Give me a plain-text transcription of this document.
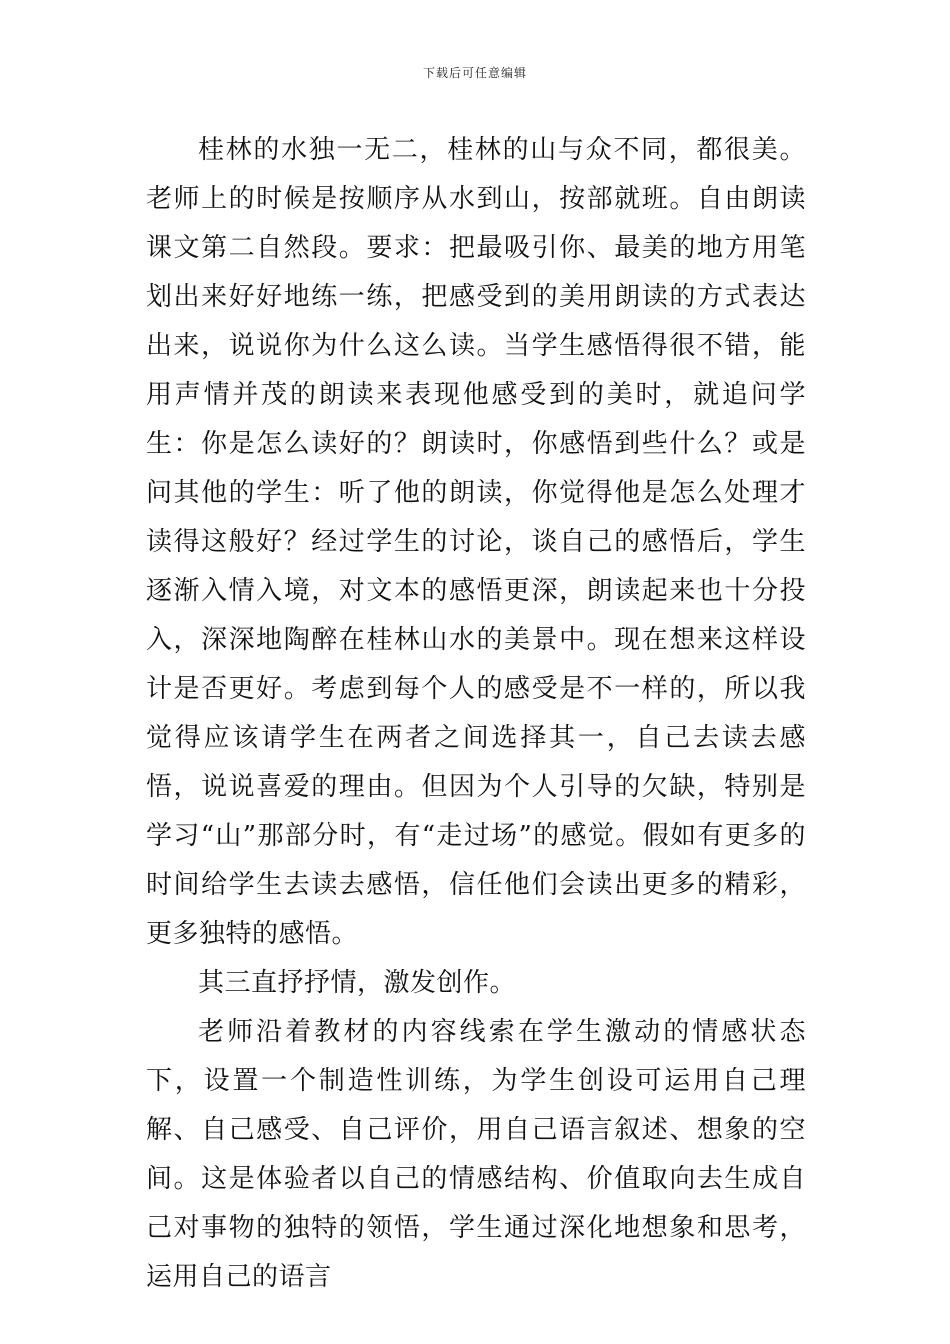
下载后可任意编辑

桂林的水独一无二，桂林的山与众不同，都很美。老师上的时候是按顺序从水到山，按部就班。自由朗读课文第二自然段。要求：把最吸引你、最美的地方用笔划出来好好地练一练，把感受到的美用朗读的方式表达出来，说说你为什么这么读。当学生感悟得很不错，能用声情并茂的朗读来表现他感受到的美时，就追问学生：你是怎么读好的？朗读时，你感悟到些什么？或是问其他的学生：听了他的朗读，你觉得他是怎么处理才读得这般好？经过学生的讨论，谈自己的感悟后，学生逐渐入情入境，对文本的感悟更深，朗读起来也十分投入，深深地陶醉在桂林山水的美景中。现在想来这样设计是否更好。考虑到每个人的感受是不一样的，所以我觉得应该请学生在两者之间选择其一，自己去读去感悟，说说喜爱的理由。但因为个人引导的欠缺，特别是学习“山”那部分时，有“走过场”的感觉。假如有更多的时间给学生去读去感悟，信任他们会读出更多的精彩，更多独特的感悟。

其三直抒抒情，激发创作。

老师沿着教材的内容线索在学生激动的情感状态下，设置一个制造性训练，为学生创设可运用自己理解、自己感受、自己评价，用自己语言叙述、想象的空间。这是体验者以自己的情感结构、价值取向去生成自己对事物的独特的领悟，学生通过深化地想象和思考，运用自己的语言
